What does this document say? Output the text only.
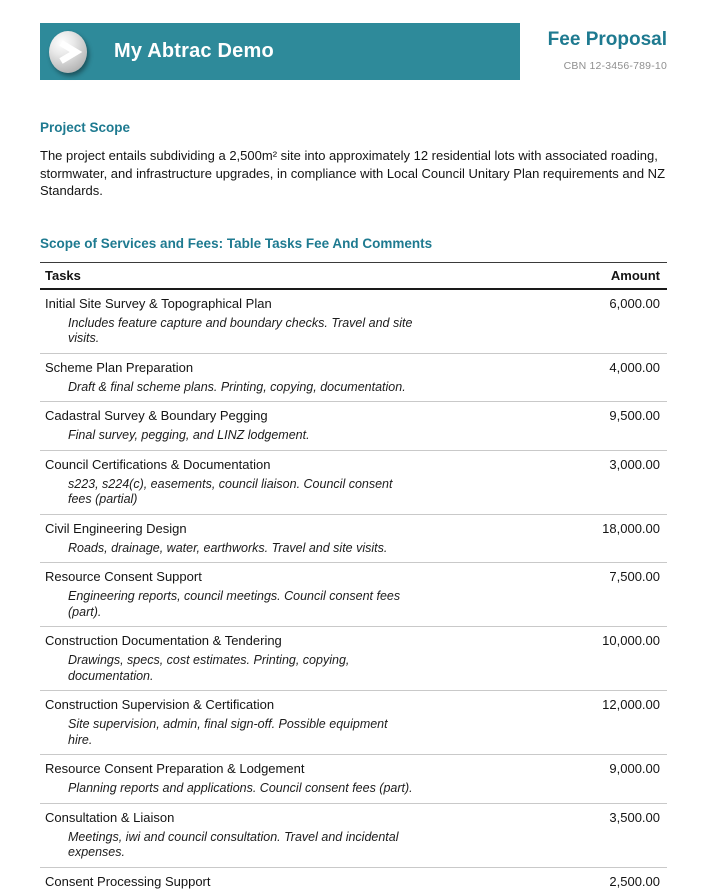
My Abtrac Demo
Fee Proposal
CBN 12-3456-789-10
Project Scope

The project entails subdividing a 2,500m² site into approximately 12 residential lots with associated roading, stormwater, and infrastructure upgrades, in compliance with Local Council Unitary Plan requirements and NZ Standards.

Scope of Services and Fees: Table Tasks Fee And Comments
Tasks	Amount
Initial Site Survey & Topographical Plan
Includes feature capture and boundary checks. Travel and site visits.
6,000.00
Scheme Plan Preparation
Draft & final scheme plans. Printing, copying, documentation.
4,000.00
Cadastral Survey & Boundary Pegging
Final survey, pegging, and LINZ lodgement.
9,500.00
Council Certifications & Documentation
s223, s224(c), easements, council liaison. Council consent fees (partial)
3,000.00
Civil Engineering Design
Roads, drainage, water, earthworks. Travel and site visits.
18,000.00
Resource Consent Support
Engineering reports, council meetings. Council consent fees (part).
7,500.00
Construction Documentation & Tendering
Drawings, specs, cost estimates. Printing, copying, documentation.
10,000.00
Construction Supervision & Certification
Site supervision, admin, final sign-off. Possible equipment hire.
12,000.00
Resource Consent Preparation & Lodgement
Planning reports and applications. Council consent fees (part).
9,000.00
Consultation & Liaison
Meetings, iwi and council consultation. Travel and incidental expenses.
3,500.00
Consent Processing Support	2,500.00
